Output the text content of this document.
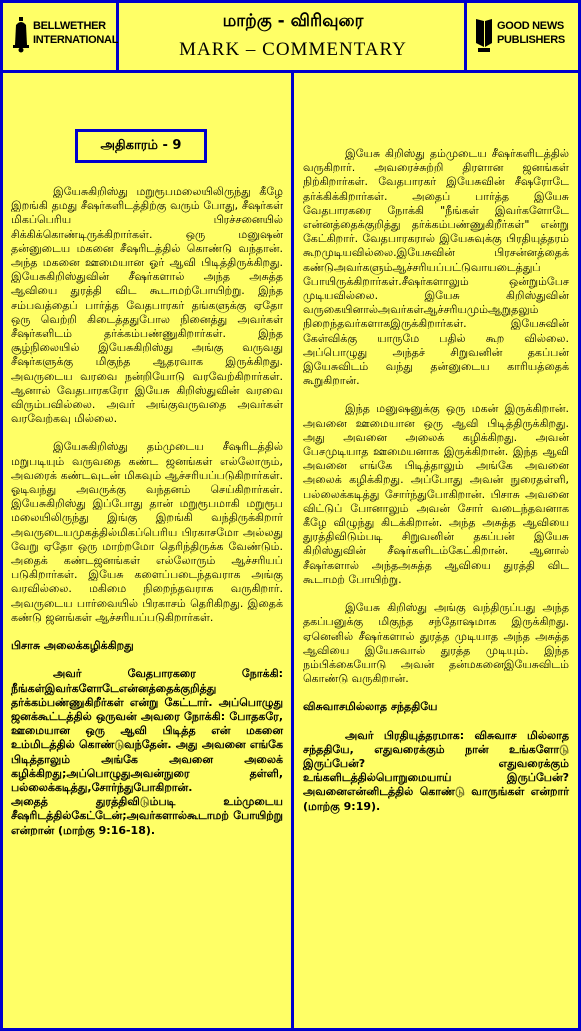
BELLWETHER INTERNATIONAL
மாற்கு - விரிவுரை
MARK – COMMENTARY
GOOD NEWS PUBLISHERS
அதிகாரம் - 9

இயேசுகிறிஸ்து மறுரூபமலையிலிருந்து கீழே இறங்கி தமது சீஷர்களிடத்திற்கு வரும் போது, சீஷர்கள் மிகப்பெரிய பிரச்சனையில் சிக்கிக்கொண்டிருக்கிறார்கள். ஒரு மனுஷன் தன்னுடைய மகனை சீஷரிடத்தில் கொண்டு வந்தான். அந்த மகனை ஊமையான ஓர் ஆவி பிடித்திருக்கிறது. இயேசுகிறிஸ்துவின் சீஷர்களால் அந்த அசுத்த ஆவியை துரத்தி விட கூடாமற்போயிற்று. இந்த சம்பவத்தைப் பார்த்த வேதபாரகர் தங்களுக்கு ஏதோ ஒரு வெற்றி கிடைத்ததுபோல நினைத்து அவர்கள் சீஷர்களிடம் தர்க்கம்பண்ணுகிறார்கள். இந்த சூழ்நிலையில் இயேசுகிறிஸ்து அங்கு வருவது சீஷர்களுக்கு மிகுந்த ஆதரவாக இருக்கிறது. அவருடைய வரவை நன்றியோடு வரவேற்கிறார்கள். ஆனால் வேதபாரகரோ இயேசு கிறிஸ்துவின் வரவை விரும்பவில்லை. அவர் அங்குவருவதை அவர்கள் வரவேற்கவு மில்லை.

இயேசுகிறிஸ்து தம்முடைய சீஷரிடத்தில் மறுபடியும் வருவதை கண்ட ஜனங்கள் எல்லோரும், அவரைக் கண்டவுடன் மிகவும் ஆச்சரியப்படுகிறார்கள். ஓடிவந்து அவருக்கு வந்தனம் செய்கிறார்கள். இயேசுகிறிஸ்து இப்போது தான் மறுரூபமாகி மறுரூப மலையிலிருந்து இங்கு இறங்கி வந்திருக்கிறார் அவருடையமுகத்தில்மிகப்பெரிய பிரகாசமோ அல்லது வேறு ஏதோ ஒரு மாற்றமோ தெரிந்திருக்க வேண்டும். அதைக் கண்டஜனங்கள் எல்லோரும் ஆச்சரியப் படுகிறார்கள். இயேசு களைப்படைந்தவராக அங்கு வரவில்லை. மகிமை நிறைந்தவராக வருகிறார். அவருடைய பார்வையில் பிரகாசம் தெரிகிறது. இதைக் கண்டு ஜனங்கள் ஆச்சரியப்படுகிறார்கள்.

பிசாசு அலைக்கழிக்கிறது

அவர் வேதபாரகரை நோக்கி: நீங்கள்இவர்களோடேஎன்னத்தைக்குறித்து தர்க்கம்பண்ணுகிறீர்கள் என்று கேட்டார். அப்பொழுது ஜனக்கூட்டத்தில் ஒருவன் அவரை நோக்கி: போதகரே, ஊமையான ஒரு ஆவி பிடித்த என் மகனை உம்மிடத்தில் கொண்டுவந்தேன். அது அவனை எங்கே பிடித்தாலும் அங்கே அவனை அலைக் கழிக்கிறது;அப்பொழுதுஅவன்நுரை தள்ளி, பல்லைக்கடித்து,சோர்ந்துபோகிறான்.

அதைத் துரத்திவிடும்படி உம்முடைய சீஷரிடத்தில்கேட்டேன்;அவர்களால்கூடாமற் போயிற்று என்றான் (மாற்கு 9:16-18).

இயேசு கிறிஸ்து தம்முடைய சீஷர்களிடத்தில் வருகிறார். அவரைச்சுற்றி திரளான ஜனங்கள் நிற்கிறார்கள். வேதபாரகர் இயேசுவின் சீஷரோடே தர்க்கிக்கிறார்கள். அதைப் பார்த்த இயேசு வேதபாரகரை நோக்கி "நீங்கள் இவர்களோடே என்னத்தைக்குறித்து தர்க்கம்பண்ணுகிறீர்கள்" என்று கேட்கிறார். வேதபாரகரால் இயேசுவுக்கு பிரதியுத்தரம் கூறமுடியவில்லை.இயேசுவின் பிரசன்னத்தைக் கண்டுஅவர்களும்ஆச்சரியப்பட்டுவாயடைத்துப் போயிருக்கிறார்கள்.சீஷர்களாலும் ஒன்றும்பேச முடியவில்லை. இயேசு கிறிஸ்துவின் வருகையினால்அவர்கள்ஆச்சரியமும்ஆறுதலும் நிறைந்தவர்களாகஇருக்கிறார்கள். இயேசுவின் கேள்விக்கு யாருமே பதில் கூற வில்லை. அப்பொழுது அந்தச் சிறுவனின் தகப்பன் இயேசுவிடம் வந்து தன்னுடைய காரியத்தைக் கூறுகிறான்.

இந்த மனுஷனுக்கு ஒரு மகன் இருக்கிறான். அவனை ஊமையான ஒரு ஆவி பிடித்திருக்கிறது. அது அவனை அலைக் கழிக்கிறது. அவன் பேசமுடியாத ஊமையனாக இருக்கிறான். இந்த ஆவி அவனை எங்கே பிடித்தாலும் அங்கே அவனை அலைக் கழிக்கிறது. அப்போது அவன் நுரைதள்ளி, பல்லைக்கடித்து சோர்ந்துபோகிறான். பிசாசு அவனை விட்டுப் போனாலும் அவன் சோர் வடைந்தவனாக கீழே விழுந்து கிடக்கிறான். அந்த அசுத்த ஆவியை துரத்திவிடும்படி சிறுவனின் தகப்பன் இயேசு கிறிஸ்துவின் சீஷர்களிடம்கேட்கிறான். ஆனால் சீஷர்களால் அந்தஅசுத்த ஆவியை துரத்தி விட கூடாமற் போயிற்று.

இயேசு கிறிஸ்து அங்கு வந்திருப்பது அந்த தகப்பனுக்கு மிகுந்த சந்தோஷமாக இருக்கிறது. ஏனெனில் சீஷர்களால் துரத்த முடியாத அந்த அசுத்த ஆவியை இயேசுவால் துரத்த முடியும். இந்த நம்பிக்கையோடு அவன் தன்மகனைஇயேசுவிடம் கொண்டு வருகிறான்.

விசுவாசமில்லாத சந்ததியே

அவர் பிரதியுத்தரமாக: விசுவாச மில்லாத சந்ததியே, எதுவரைக்கும் நான் உங்களோடு இருப்பேன்? எதுவரைக்கும் உங்களிடத்தில்பொறுமையாய் இருப்பேன்? அவனைஎன்னிடத்தில் கொண்டு வாருங்கள் என்றார் (மாற்கு 9:19).
